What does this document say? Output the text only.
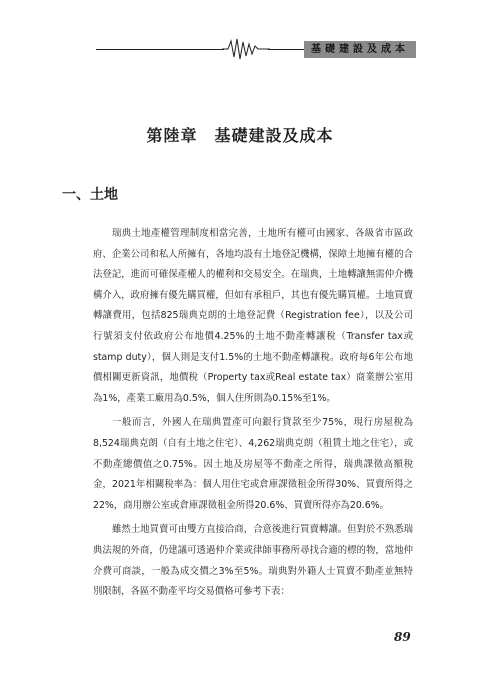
基礎建設及成本
第陸章　基礎建設及成本
一、土地

瑞典土地產權管理制度相當完善，土地所有權可由國家、各級省市區政府、企業公司和私人所擁有，各地均設有土地登記機構，保障土地擁有權的合法登記，進而可確保產權人的權利和交易安全。在瑞典，土地轉讓無需仲介機構介入，政府擁有優先購買權，但如有承租戶，其也有優先購買權。土地買賣轉讓費用，包括825瑞典克朗的土地登記費（Registration fee），以及公司行號須支付依政府公布地價4.25%的土地不動產轉讓稅（Transfer tax或stamp duty），個人則是支付1.5%的土地不動產轉讓稅。政府每6年公布地價相關更新資訊，地價稅（Property tax或Real estate tax）商業辦公室用為1%，產業工廠用為0.5%，個人住所則為0.15%至1%。

一般而言，外國人在瑞典置產可向銀行貸款至少75%，現行房屋稅為8,524瑞典克朗（自有土地之住宅）、4,262瑞典克朗（租賃土地之住宅），或不動產總價值之0.75%。因土地及房屋等不動產之所得，瑞典課徵高額稅金，2021年相關稅率為：個人用住宅或倉庫課徵租金所得30%、買賣所得之22%，商用辦公室或倉庫課徵租金所得20.6%、買賣所得亦為20.6%。

雖然土地買賣可由雙方直接洽商，合意後進行買賣轉讓。但對於不熟悉瑞典法規的外商，仍建議可透過仲介業或律師事務所尋找合適的標的物，當地仲介費可商談，一般為成交價之3%至5%。瑞典對外籍人士買賣不動產並無特別限制，各區不動產平均交易價格可參考下表：

89
